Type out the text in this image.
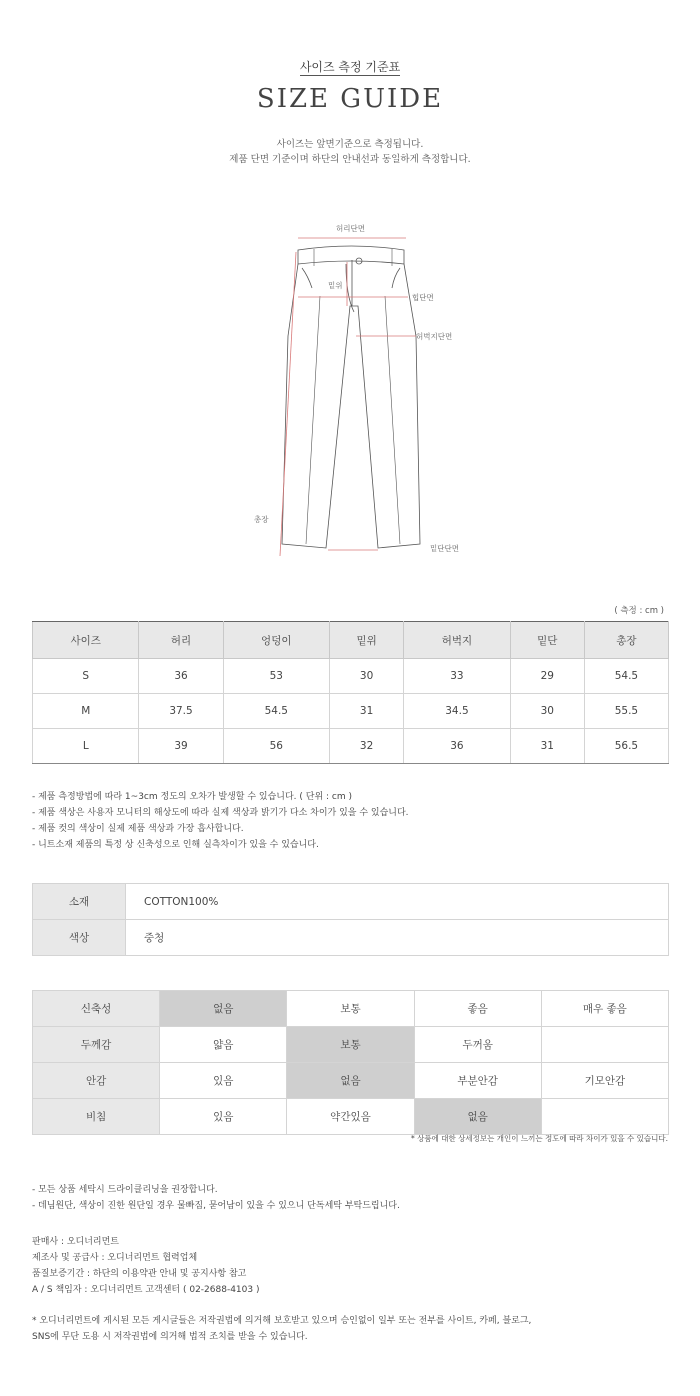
사이즈 측정 기준표
SIZE GUIDE
사이즈는 앞면기준으로 측정됩니다.
제품 단면 기준이며 하단의 안내선과 동일하게 측정합니다.
허리단면
밑위
힙단면
허벅지단면
총장
밑단단면
( 측정 : cm )
사이즈	허리	엉덩이	밑위	허벅지	밑단	총장
S	36	53	30	33	29	54.5
M	37.5	54.5	31	34.5	30	55.5
L	39	56	32	36	31	56.5
- 제품 측정방법에 따라 1~3cm 정도의 오차가 발생할 수 있습니다. ( 단위 : cm )
- 제품 색상은 사용자 모니터의 해상도에 따라 실제 색상과 밝기가 다소 차이가 있을 수 있습니다.
- 제품 컷의 색상이 실제 제품 색상과 가장 흡사합니다.
- 니트소재 제품의 특정 상 신축성으로 인해 실측차이가 있을 수 있습니다.
소재	COTTON100%
색상	중청
신축성	없음	보통	좋음	매우 좋음
두께감	얇음	보통	두꺼움	
안감	있음	없음	부분안감	기모안감
비침	있음	약간있음	없음	
* 상품에 대한 상세정보는 개인이 느끼는 정도에 따라 차이가 있을 수 있습니다.
- 모든 상품 세탁시 드라이클리닝을 권장합니다.
- 데님원단, 색상이 진한 원단일 경우 물빠짐, 묻어남이 있을 수 있으니 단독세탁 부탁드립니다.
판매사 : 오디너리먼트
제조사 및 공급사 : 오디너리먼트 협력업체
품질보증기간 : 하단의 이용약관 안내 및 공지사항 참고
A / S 책임자 : 오디너리먼트 고객센터 ( 02-2688-4103 )
* 오디너리먼트에 게시된 모든 게시글들은 저작권법에 의거해 보호받고 있으며 승인없이 일부 또는 전부를 사이트, 카페, 블로그,
SNS에 무단 도용 시 저작권법에 의거해 법적 조치를 받을 수 있습니다.
